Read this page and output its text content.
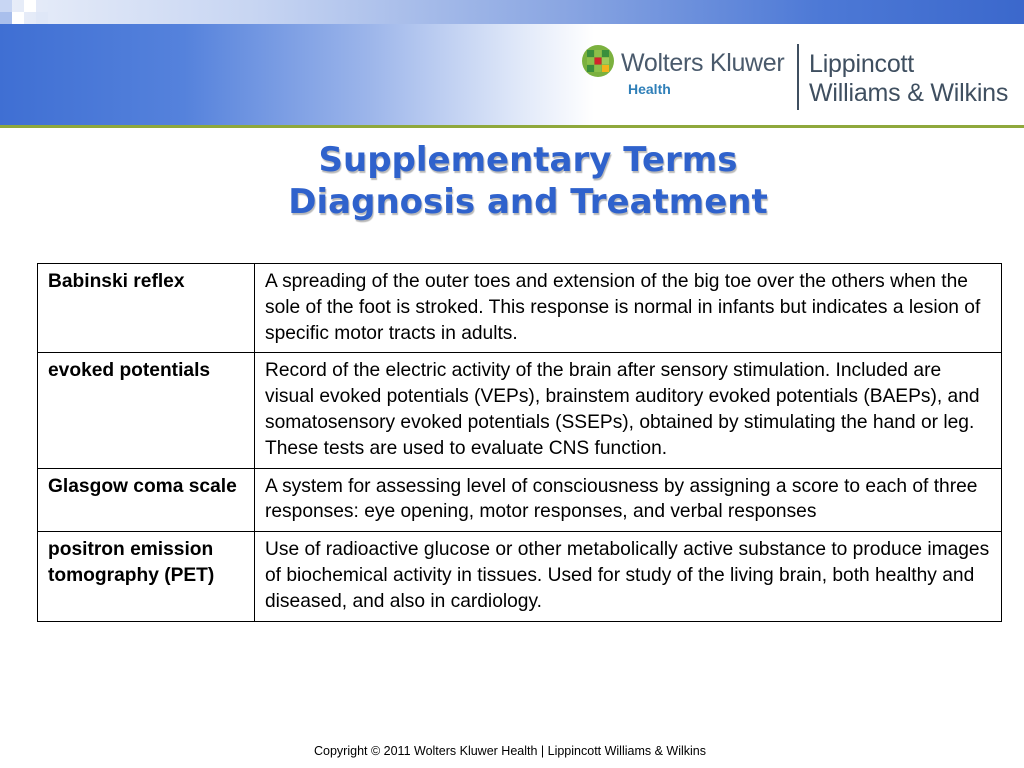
Wolters Kluwer
Health
Lippincott
Williams & Wilkins
Supplementary Terms
Diagnosis and Treatment
Babinski reflex	A spreading of the outer toes and extension of the big toe over the others when the sole of the foot is stroked. This response is normal in infants but indicates a lesion of specific motor tracts in adults.
evoked potentials	Record of the electric activity of the brain after sensory stimulation. Included are visual evoked potentials (VEPs), brainstem auditory evoked potentials (BAEPs), and somatosensory evoked potentials (SSEPs), obtained by stimulating the hand or leg. These tests are used to evaluate CNS function.
Glasgow coma scale	A system for assessing level of consciousness by assigning a score to each of three responses: eye opening, motor responses, and verbal responses
positron emission tomography (PET)	Use of radioactive glucose or other metabolically active substance to produce images of biochemical activity in tissues. Used for study of the living brain, both healthy and diseased, and also in cardiology.
Copyright © 2011 Wolters Kluwer Health | Lippincott Williams & Wilkins
